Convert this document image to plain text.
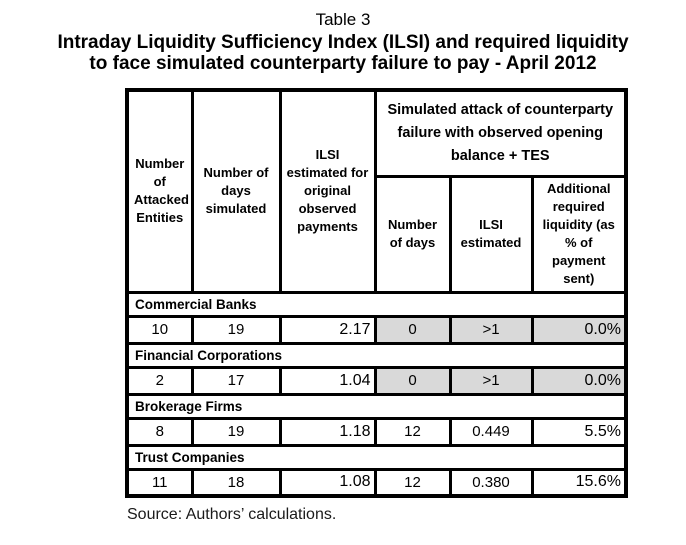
Table 3
Intraday Liquidity Sufficiency Index (ILSI) and required liquidity
to face simulated counterparty failure to pay - April 2012
Number of Attacked Entities	Number of days simulated	ILSI estimated for original observed payments	Simulated attack of counterparty failure with observed opening balance + TES		
			Number of days	ILSI estimated	Additional required liquidity (as % of payment sent)
Commercial Banks					
10	19	2.17	0	>1	0.0%
Financial Corporations					
2	17	1.04	0	>1	0.0%
Brokerage Firms					
8	19	1.18	12	0.449	5.5%
Trust Companies					
11	18	1.08	12	0.380	15.6%
Source: Authors’ calculations.
